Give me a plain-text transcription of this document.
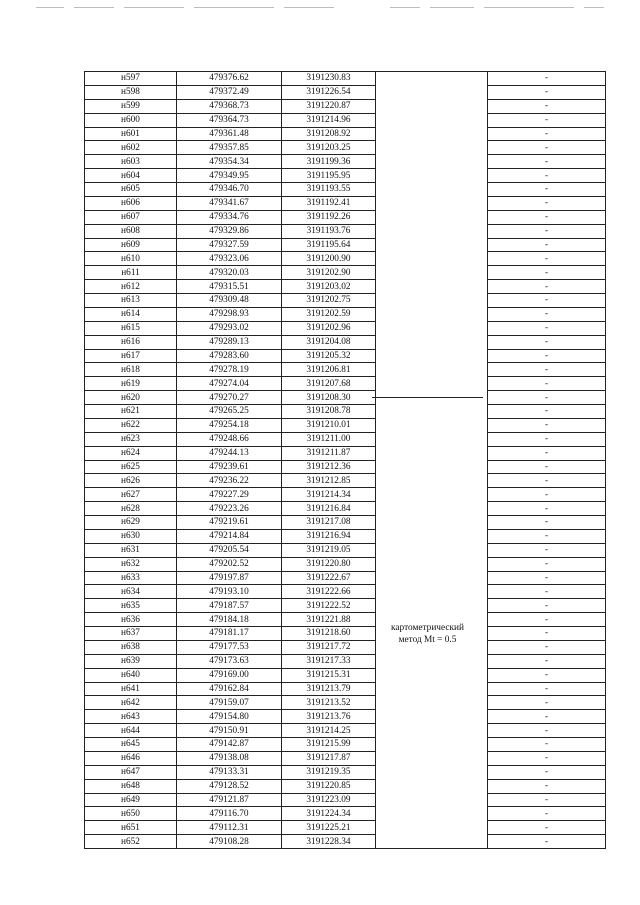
н597	479376.62	3191230.83		-
н598	479372.49	3191226.54		-
н599	479368.73	3191220.87		-
н600	479364.73	3191214.96		-
н601	479361.48	3191208.92		-
н602	479357.85	3191203.25		-
н603	479354.34	3191199.36		-
н604	479349.95	3191195.95		-
н605	479346.70	3191193.55		-
н606	479341.67	3191192.41		-
н607	479334.76	3191192.26		-
н608	479329.86	3191193.76		-
н609	479327.59	3191195.64		-
н610	479323.06	3191200.90		-
н611	479320.03	3191202.90		-
н612	479315.51	3191203.02		-
н613	479309.48	3191202.75		-
н614	479298.93	3191202.59		-
н615	479293.02	3191202.96		-
н616	479289.13	3191204.08		-
н617	479283.60	3191205.32		-
н618	479278.19	3191206.81		-
н619	479274.04	3191207.68		-
н620	479270.27	3191208.30		-
н621	479265.25	3191208.78		-
н622	479254.18	3191210.01		-
н623	479248.66	3191211.00		-
н624	479244.13	3191211.87		-
н625	479239.61	3191212.36		-
н626	479236.22	3191212.85		-
н627	479227.29	3191214.34		-
н628	479223.26	3191216.84		-
н629	479219.61	3191217.08		-
н630	479214.84	3191216.94		-
н631	479205.54	3191219.05		-
н632	479202.52	3191220.80		-
н633	479197.87	3191222.67		-
н634	479193.10	3191222.66		-
н635	479187.57	3191222.52		-
н636	479184.18	3191221.88		-
н637	479181.17	3191218.60		-
н638	479177.53	3191217.72		-
н639	479173.63	3191217.33		-
н640	479169.00	3191215.31		-
н641	479162.84	3191213.79		-
н642	479159.07	3191213.52		-
н643	479154.80	3191213.76		-
н644	479150.91	3191214.25		-
н645	479142.87	3191215.99		-
н646	479138.08	3191217.87		-
н647	479133.31	3191219.35		-
н648	479128.52	3191220.85		-
н649	479121.87	3191223.09		-
н650	479116.70	3191224.34		-
н651	479112.31	3191225.21		-
н652	479108.28	3191228.34		-
картометрический
метод Mt = 0.5
